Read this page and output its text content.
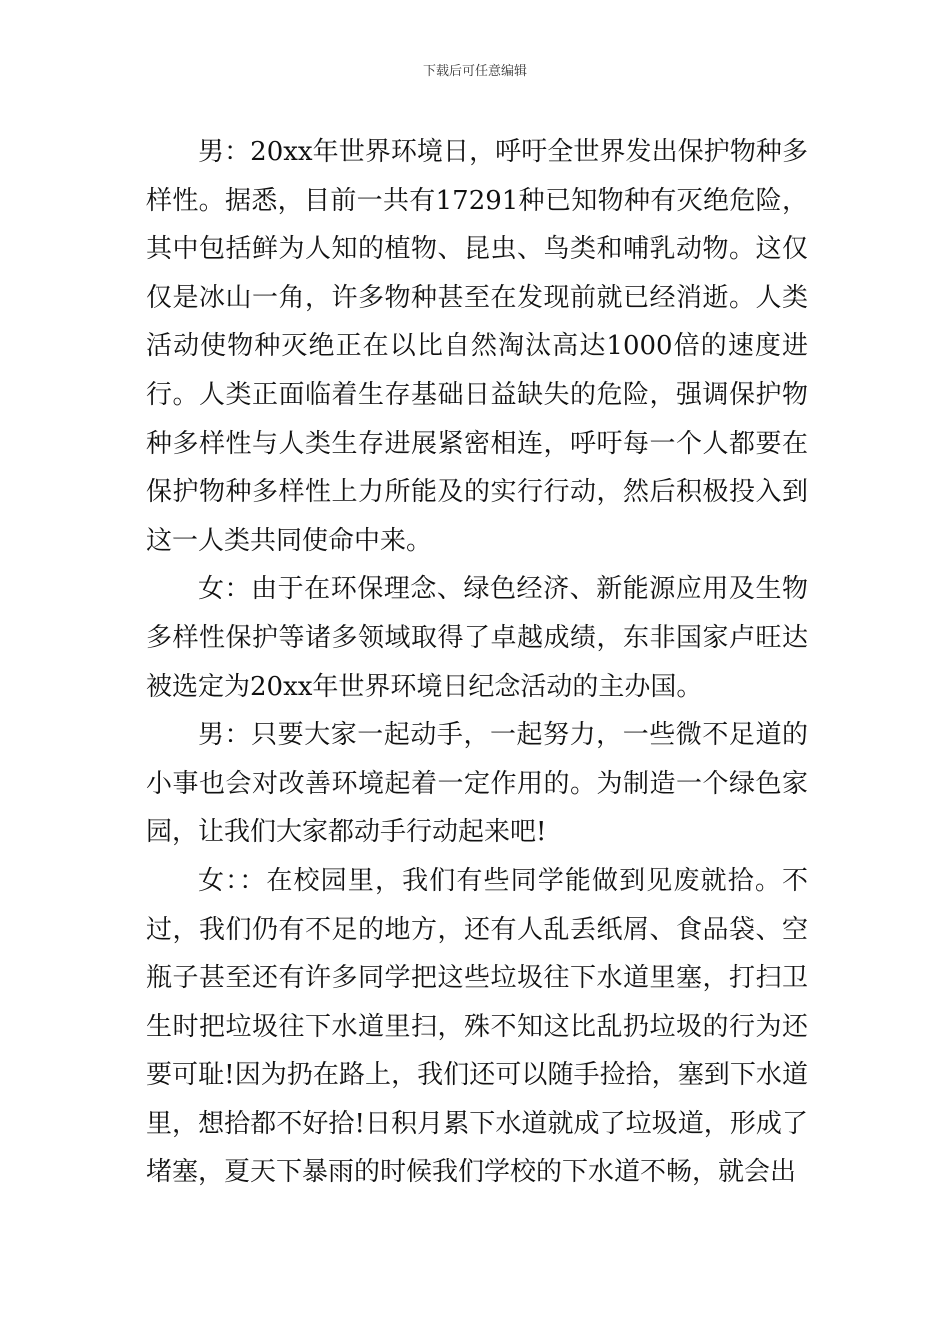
下载后可任意编辑

男：20xx年世界环境日，呼吁全世界发出保护物种多样性。据悉，目前一共有17291种已知物种有灭绝危险，其中包括鲜为人知的植物、昆虫、鸟类和哺乳动物。这仅仅是冰山一角，许多物种甚至在发现前就已经消逝。人类活动使物种灭绝正在以比自然淘汰高达1000倍的速度进行。人类正面临着生存基础日益缺失的危险，强调保护物种多样性与人类生存进展紧密相连，呼吁每一个人都要在保护物种多样性上力所能及的实行行动，然后积极投入到这一人类共同使命中来。

女：由于在环保理念、绿色经济、新能源应用及生物多样性保护等诸多领域取得了卓越成绩，东非国家卢旺达被选定为20xx年世界环境日纪念活动的主办国。

男：只要大家一起动手，一起努力，一些微不足道的小事也会对改善环境起着一定作用的。为制造一个绿色家园，让我们大家都动手行动起来吧!

女：：在校园里，我们有些同学能做到见废就拾。不过，我们仍有不足的地方，还有人乱丢纸屑、食品袋、空瓶子甚至还有许多同学把这些垃圾往下水道里塞，打扫卫生时把垃圾往下水道里扫，殊不知这比乱扔垃圾的行为还要可耻!因为扔在路上，我们还可以随手捡拾，塞到下水道里，想拾都不好拾!日积月累下水道就成了垃圾道，形成了堵塞，夏天下暴雨的时候我们学校的下水道不畅，就会出
